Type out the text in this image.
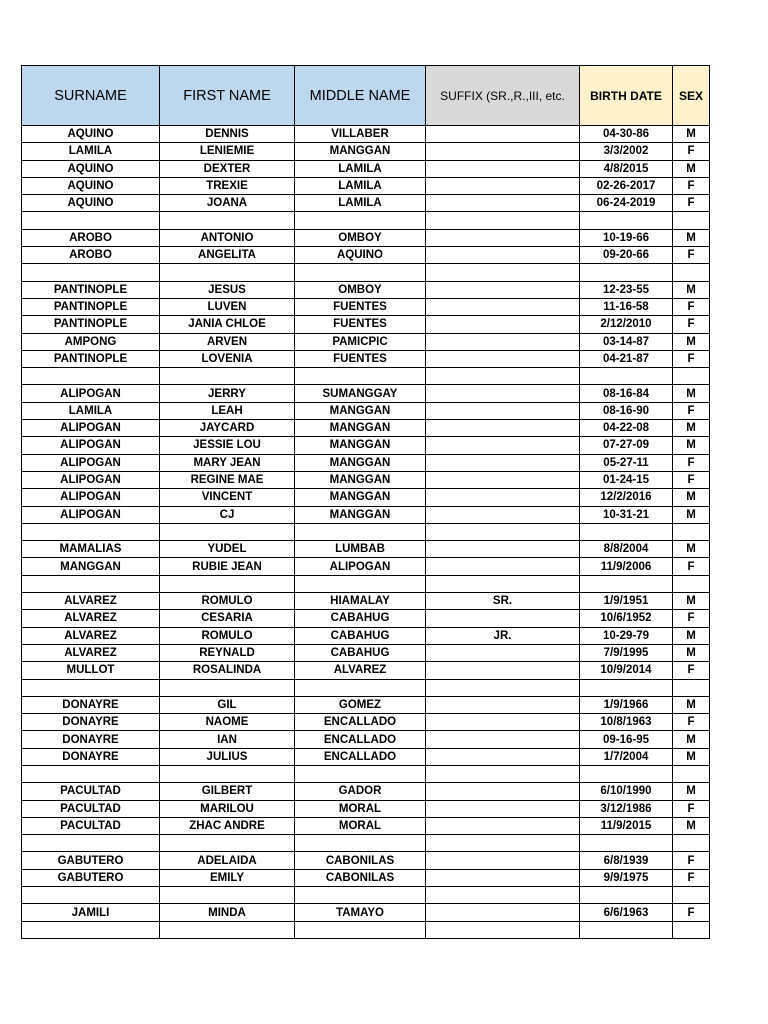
SURNAME	FIRST NAME	MIDDLE NAME	SUFFIX (SR.,R.,III, etc.	BIRTH DATE	SEX
AQUINO	DENNIS	VILLABER		04-30-86	M
LAMILA	LENIEMIE	MANGGAN		3/3/2002	F
AQUINO	DEXTER	LAMILA		4/8/2015	M
AQUINO	TREXIE	LAMILA		02-26-2017	F
AQUINO	JOANA	LAMILA		06-24-2019	F

AROBO	ANTONIO	OMBOY		10-19-66	M
AROBO	ANGELITA	AQUINO		09-20-66	F

PANTINOPLE	JESUS	OMBOY		12-23-55	M
PANTINOPLE	LUVEN	FUENTES		11-16-58	F
PANTINOPLE	JANIA CHLOE	FUENTES		2/12/2010	F
AMPONG	ARVEN	PAMICPIC		03-14-87	M
PANTINOPLE	LOVENIA	FUENTES		04-21-87	F

ALIPOGAN	JERRY	SUMANGGAY		08-16-84	M
LAMILA	LEAH	MANGGAN		08-16-90	F
ALIPOGAN	JAYCARD	MANGGAN		04-22-08	M
ALIPOGAN	JESSIE LOU	MANGGAN		07-27-09	M
ALIPOGAN	MARY JEAN	MANGGAN		05-27-11	F
ALIPOGAN	REGINE MAE	MANGGAN		01-24-15	F
ALIPOGAN	VINCENT	MANGGAN		12/2/2016	M
ALIPOGAN	CJ	MANGGAN		10-31-21	M

MAMALIAS	YUDEL	LUMBAB		8/8/2004	M
MANGGAN	RUBIE JEAN	ALIPOGAN		11/9/2006	F

ALVAREZ	ROMULO	HIAMALAY	SR.	1/9/1951	M
ALVAREZ	CESARIA	CABAHUG		10/6/1952	F
ALVAREZ	ROMULO	CABAHUG	JR.	10-29-79	M
ALVAREZ	REYNALD	CABAHUG		7/9/1995	M
MULLOT	ROSALINDA	ALVAREZ		10/9/2014	F

DONAYRE	GIL	GOMEZ		1/9/1966	M
DONAYRE	NAOME	ENCALLADO		10/8/1963	F
DONAYRE	IAN	ENCALLADO		09-16-95	M
DONAYRE	JULIUS	ENCALLADO		1/7/2004	M

PACULTAD	GILBERT	GADOR		6/10/1990	M
PACULTAD	MARILOU	MORAL		3/12/1986	F
PACULTAD	ZHAC ANDRE	MORAL		11/9/2015	M

GABUTERO	ADELAIDA	CABONILAS		6/8/1939	F
GABUTERO	EMILY	CABONILAS		9/9/1975	F

JAMILI	MINDA	TAMAYO		6/6/1963	F
